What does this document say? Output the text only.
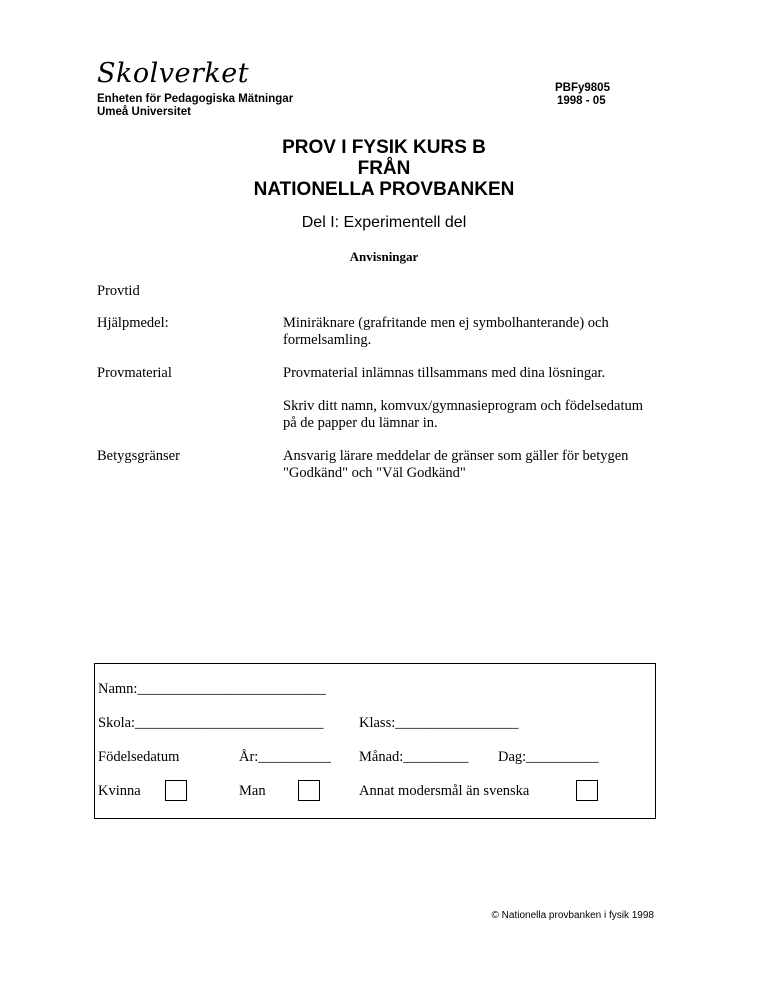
Skolverket
Enheten för Pedagogiska Mätningar
Umeå Universitet
PBFy9805
1998 - 05
PROV I FYSIK KURS B
FRÅN
NATIONELLA PROVBANKEN
Del I: Experimentell del
Anvisningar
Provtid
Hjälpmedel:	Miniräknare (grafritande men ej symbolhanterande) och
formelsamling.
Provmaterial	Provmaterial inlämnas tillsammans med dina lösningar.
Skriv ditt namn, komvux/gymnasieprogram och födelsedatum
på de papper du lämnar in.
Betygsgränser	Ansvarig lärare meddelar de gränser som gäller för betygen
"Godkänd" och "Väl Godkänd"
Namn:__________________________
Skola:__________________________ Klass:_________________
Födelsedatum	År:__________ Månad:_________ Dag:__________
Kvinna	Man	Annat modersmål än svenska
© Nationella provbanken i fysik 1998
